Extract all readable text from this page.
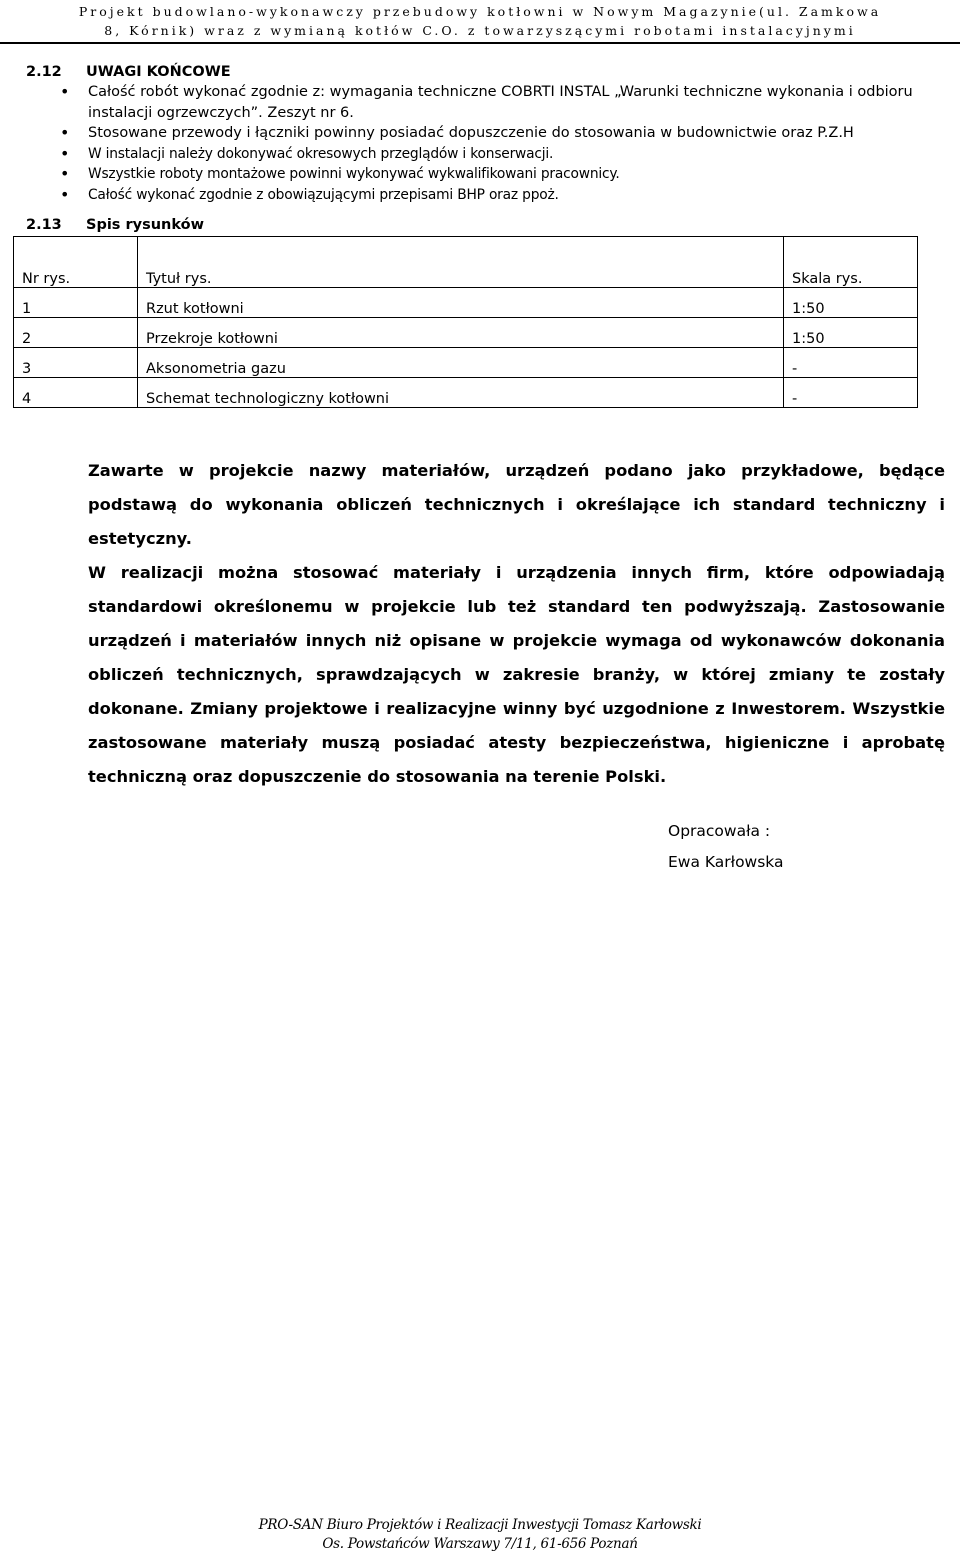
Projekt budowlano-wykonawczy przebudowy kotłowni w Nowym Magazynie(ul. Zamkowa
8, Kórnik) wraz z wymianą kotłów C.O. z towarzyszącymi robotami instalacyjnymi
2.12 UWAGI KOŃCOWE
• Całość robót wykonać zgodnie z: wymagania techniczne COBRTI INSTAL „Warunki techniczne wykonania i odbioru instalacji ogrzewczych”. Zeszyt nr 6.
• Stosowane przewody i łączniki powinny posiadać dopuszczenie do stosowania w budownictwie oraz P.Z.H
• W instalacji należy dokonywać okresowych przeglądów i konserwacji.
• Wszystkie roboty montażowe powinni wykonywać wykwalifikowani pracownicy.
• Całość wykonać zgodnie z obowiązującymi przepisami BHP oraz ppoż.
2.13 Spis rysunków
Nr rys.	Tytuł rys.	Skala rys.
1	Rzut kotłowni	1:50
2	Przekroje kotłowni	1:50
3	Aksonometria gazu	-
4	Schemat technologiczny kotłowni	-
Zawarte w projekcie nazwy materiałów, urządzeń podano jako przykładowe, będące podstawą do wykonania obliczeń technicznych i określające ich standard techniczny i estetyczny.
W realizacji można stosować materiały i urządzenia innych firm, które odpowiadają standardowi określonemu w projekcie lub też standard ten podwyższają. Zastosowanie urządzeń i materiałów innych niż opisane w projekcie wymaga od wykonawców dokonania obliczeń technicznych, sprawdzających w zakresie branży, w której zmiany te zostały dokonane. Zmiany projektowe i realizacyjne winny być uzgodnione z Inwestorem. Wszystkie zastosowane materiały muszą posiadać atesty bezpieczeństwa, higieniczne i aprobatę techniczną oraz dopuszczenie do stosowania na terenie Polski.
Opracowała :
Ewa Karłowska
PRO-SAN Biuro Projektów i Realizacji Inwestycji Tomasz Karłowski
Os. Powstańców Warszawy 7/11, 61-656 Poznań
